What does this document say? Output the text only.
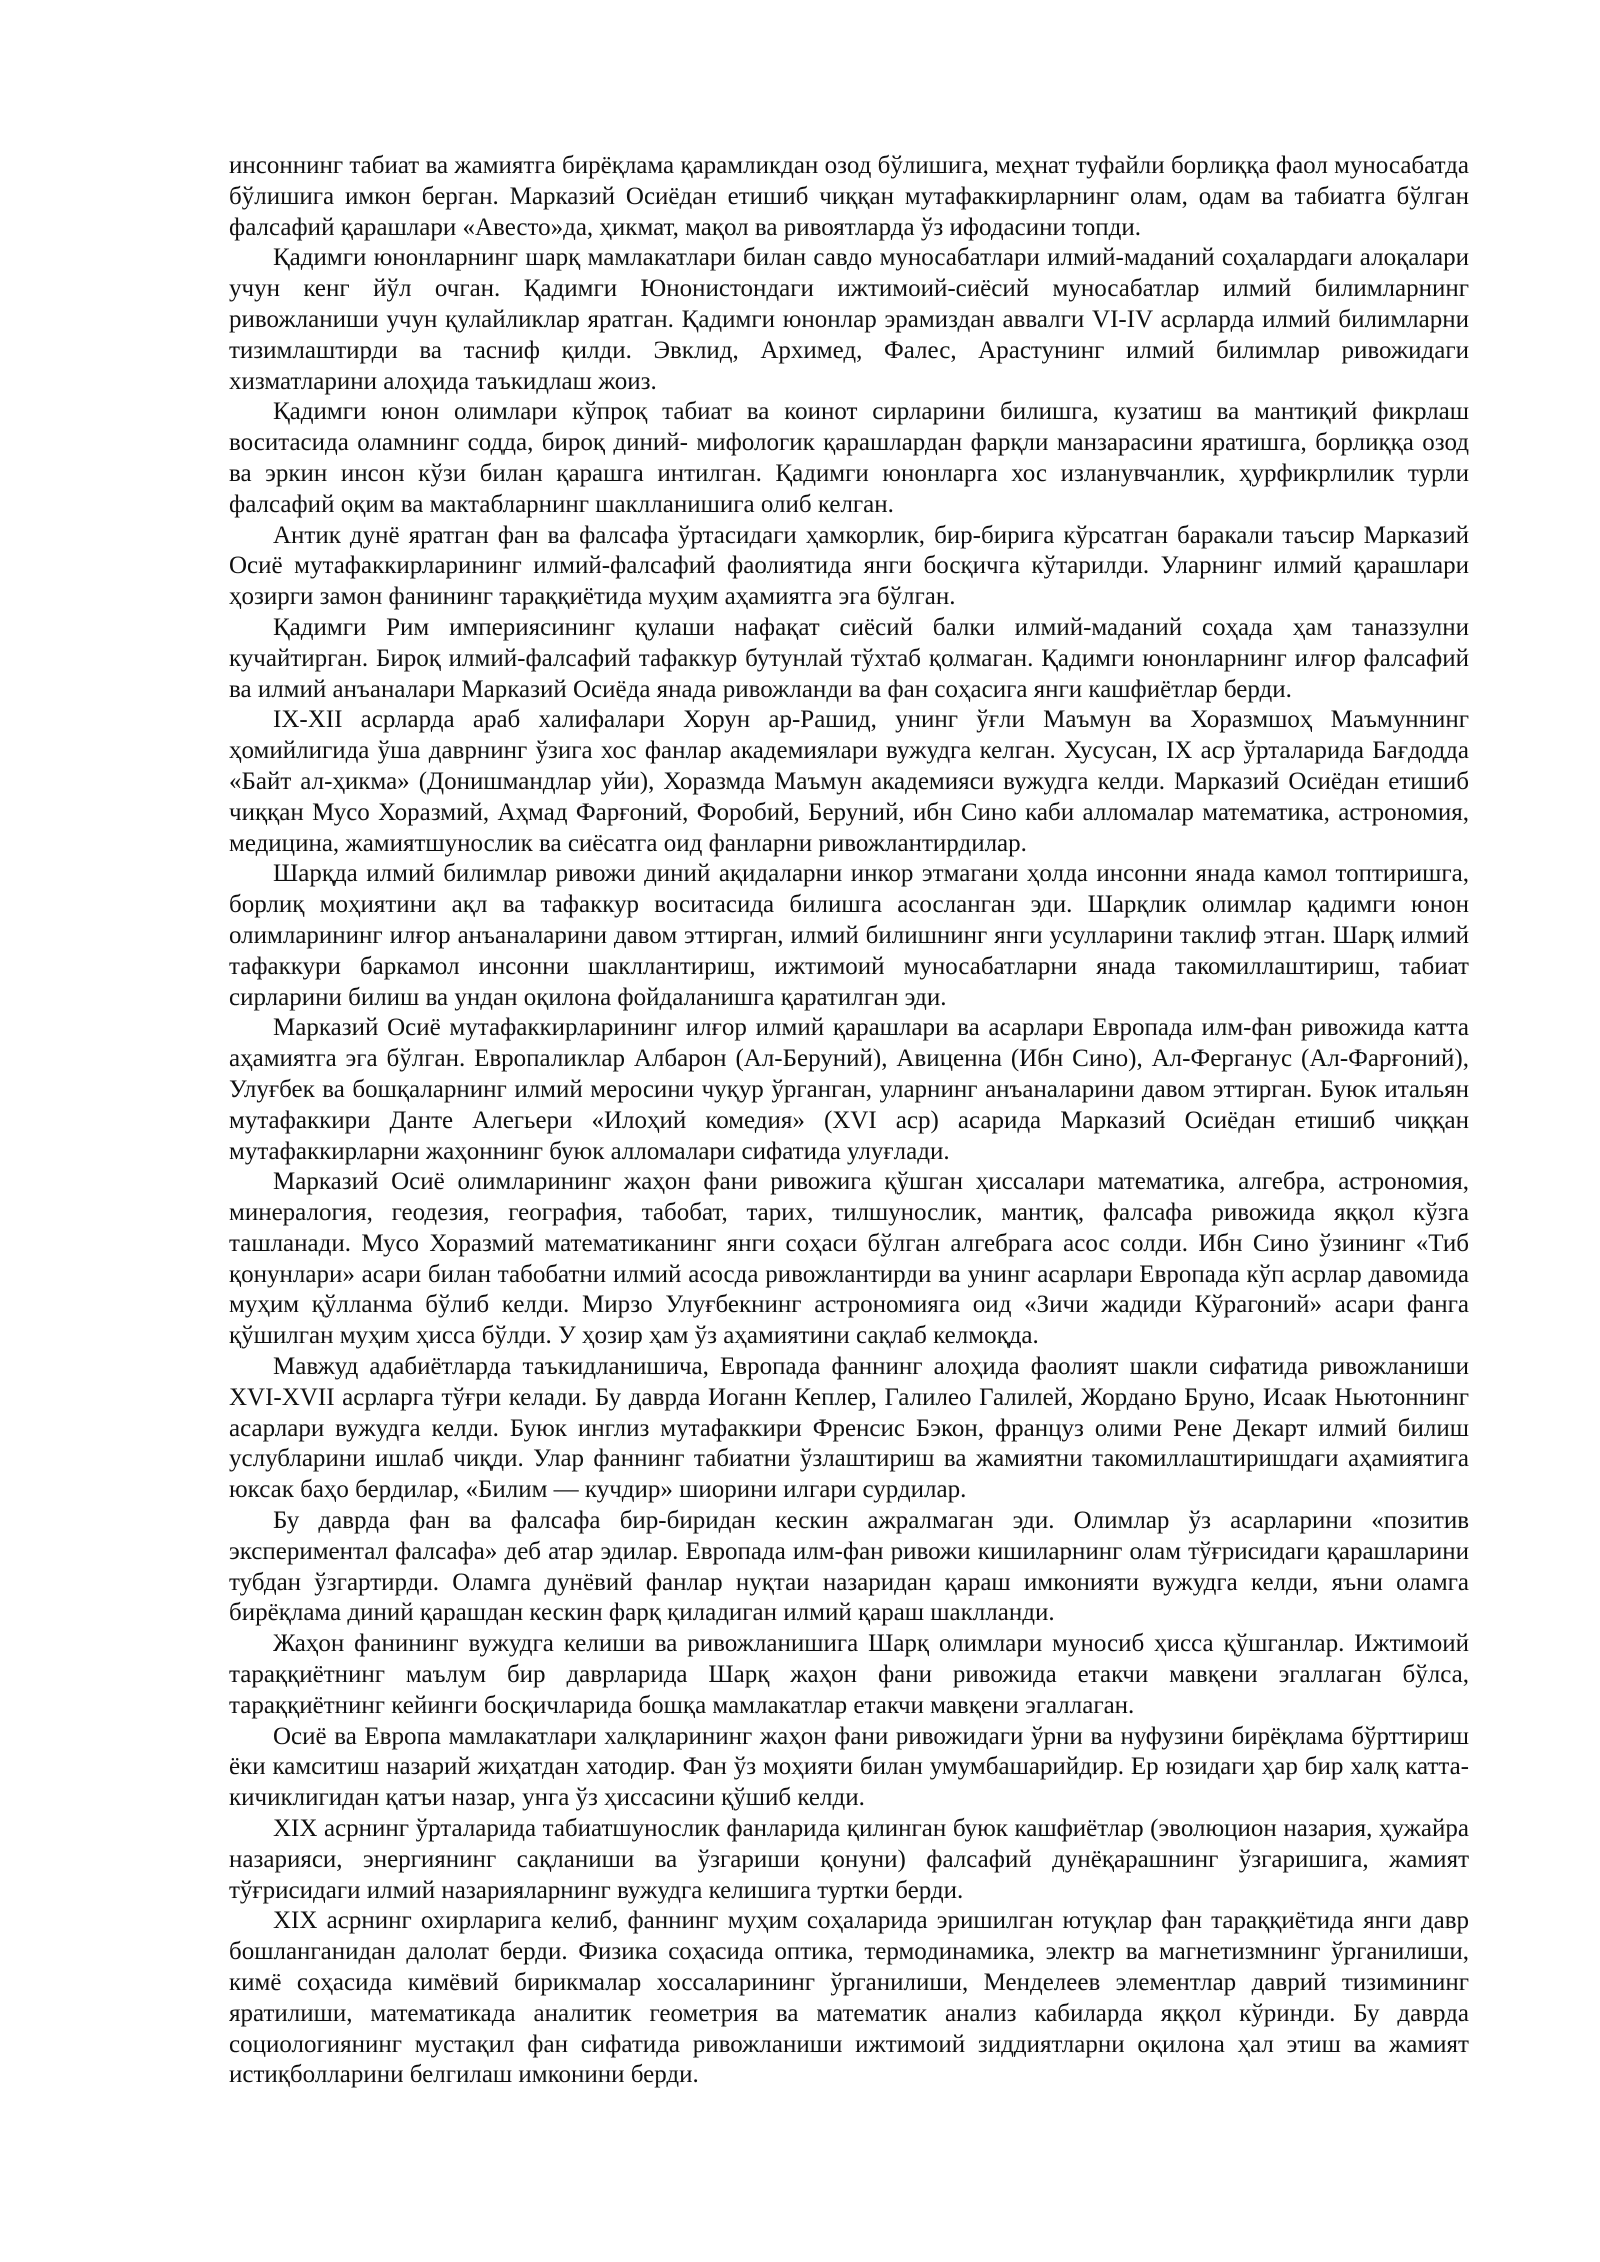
инсоннинг табиат ва жамиятга бирёқлама қарамликдан озод бўлишига, меҳнат туфайли борлиққа фаол муносабатда бўлишига имкон берган. Марказий Осиёдан етишиб чиққан мутафаккирларнинг олам, одам ва табиатга бўлган фалсафий қарашлари «Авесто»да, ҳикмат, мақол ва ривоятларда ўз ифодасини топди.

Қадимги юнонларнинг шарқ мамлакатлари билан савдо муносабатлари илмий-маданий соҳалардаги алоқалари учун кенг йўл очган. Қадимги Юнонистондаги ижтимоий-сиёсий муносабатлар илмий билимларнинг ривожланиши учун қулайликлар яратган. Қадимги юнонлар эрамиздан аввалги VI-IV асрларда илмий билимларни тизимлаштирди ва тасниф қилди. Эвклид, Архимед, Фалес, Арастунинг илмий билимлар ривожидаги хизматларини алоҳида таъкидлаш жоиз.

Қадимги юнон олимлари кўпроқ табиат ва коинот сирларини билишга, кузатиш ва мантиқий фикрлаш воситасида оламнинг содда, бироқ диний- мифологик қарашлардан фарқли манзарасини яратишга, борлиққа озод ва эркин инсон кўзи билан қарашга интилган. Қадимги юнонларга хос изланувчанлик, ҳурфикрлилик турли фалсафий оқим ва мактабларнинг шаклланишига олиб келган.

Антик дунё яратган фан ва фалсафа ўртасидаги ҳамкорлик, бир-бирига кўрсатган баракали таъсир Марказий Осиё мутафаккирларининг илмий-фалсафий фаолиятида янги босқичга кўтарилди. Уларнинг илмий қарашлари ҳозирги замон фанининг тараққиётида муҳим аҳамиятга эга бўлган.

Қадимги Рим империясининг қулаши нафақат сиёсий балки илмий-маданий соҳада ҳам таназзулни кучайтирган. Бироқ илмий-фалсафий тафаккур бутунлай тўхтаб қолмаган. Қадимги юнонларнинг илғор фалсафий ва илмий анъаналари Марказий Осиёда янада ривожланди ва фан соҳасига янги кашфиётлар берди.

IX-XII асрларда араб халифалари Хорун ар-Рашид, унинг ўғли Маъмун ва Хоразмшоҳ Маъмуннинг ҳомийлигида ўша даврнинг ўзига хос фанлар академиялари вужудга келган. Хусусан, IX аср ўрталарида Бағдодда «Байт ал-ҳикма» (Донишмандлар уйи), Хоразмда Маъмун академияси вужудга келди. Марказий Осиёдан етишиб чиққан Мусо Хоразмий, Аҳмад Фарғоний, Форобий, Беруний, ибн Сино каби алломалар математика, астрономия, медицина, жамиятшунослик ва сиёсатга оид фанларни ривожлантирдилар.

Шарқда илмий билимлар ривожи диний ақидаларни инкор этмагани ҳолда инсонни янада камол топтиришга, борлиқ моҳиятини ақл ва тафаккур воситасида билишга асосланган эди. Шарқлик олимлар қадимги юнон олимларининг илғор анъаналарини давом эттирган, илмий билишнинг янги усулларини таклиф этган. Шарқ илмий тафаккури баркамол инсонни шакллантириш, ижтимоий муносабатларни янада такомиллаштириш, табиат сирларини билиш ва ундан оқилона фойдаланишга қаратилган эди.

Марказий Осиё мутафаккирларининг илғор илмий қарашлари ва асарлари Европада илм-фан ривожида катта аҳамиятга эга бўлган. Европаликлар Албарон (Ал-Беруний), Авиценна (Ибн Сино), Ал-Ферганус (Ал-Фарғоний), Улуғбек ва бошқаларнинг илмий меросини чуқур ўрганган, уларнинг анъаналарини давом эттирган. Буюк итальян мутафаккири Данте Алегьери «Илоҳий комедия» (XVI аср) асарида Марказий Осиёдан етишиб чиққан мутафаккирларни жаҳоннинг буюк алломалари сифатида улуғлади.

Марказий Осиё олимларининг жаҳон фани ривожига қўшган ҳиссалари математика, алгебра, астрономия, минералогия, геодезия, география, табобат, тарих, тилшунослик, мантиқ, фалсафа ривожида яққол кўзга ташланади. Мусо Хоразмий математиканинг янги соҳаси бўлган алгебрага асос солди. Ибн Сино ўзининг «Тиб қонунлари» асари билан табобатни илмий асосда ривожлантирди ва унинг асарлари Европада кўп асрлар давомида муҳим қўлланма бўлиб келди. Мирзо Улуғбекнинг астрономияга оид «Зичи жадиди Кўрагоний» асари фанга қўшилган муҳим ҳисса бўлди. У ҳозир ҳам ўз аҳамиятини сақлаб келмоқда.

Мавжуд адабиётларда таъкидланишича, Европада фаннинг алоҳида фаолият шакли сифатида ривожланиши XVI-XVII асрларга тўғри келади. Бу даврда Иоганн Кеплер, Галилео Галилей, Жордано Бруно, Исаак Ньютоннинг асарлари вужудга келди. Буюк инглиз мутафаккири Френсис Бэкон, француз олими Рене Декарт илмий билиш услубларини ишлаб чиқди. Улар фаннинг табиатни ўзлаштириш ва жамиятни такомиллаштиришдаги аҳамиятига юксак баҳо бердилар, «Билим — кучдир» шиорини илгари сурдилар.

Бу даврда фан ва фалсафа бир-биридан кескин ажралмаган эди. Олимлар ўз асарларини «позитив экспериментал фалсафа» деб атар эдилар. Европада илм-фан ривожи кишиларнинг олам тўғрисидаги қарашларини тубдан ўзгартирди. Оламга дунёвий фанлар нуқтаи назаридан қараш имконияти вужудга келди, яъни оламга бирёқлама диний қарашдан кескин фарқ қиладиган илмий қараш шаклланди.

Жаҳон фанининг вужудга келиши ва ривожланишига Шарқ олимлари муносиб ҳисса қўшганлар. Ижтимоий тараққиётнинг маълум бир даврларида Шарқ жаҳон фани ривожида етакчи мавқени эгаллаган бўлса, тараққиётнинг кейинги босқичларида бошқа мамлакатлар етакчи мавқени эгаллаган.

Осиё ва Европа мамлакатлари халқларининг жаҳон фани ривожидаги ўрни ва нуфузини бирёқлама бўрттириш ёки камситиш назарий жиҳатдан хатодир. Фан ўз моҳияти билан умумбашарийдир. Ер юзидаги ҳар бир халқ катта-кичиклигидан қатъи назар, унга ўз ҳиссасини қўшиб келди.

XIX асрнинг ўрталарида табиатшунослик фанларида қилинган буюк кашфиётлар (эволюцион назария, ҳужайра назарияси, энергиянинг сақланиши ва ўзгариши қонуни) фалсафий дунёқарашнинг ўзгаришига, жамият тўғрисидаги илмий назарияларнинг вужудга келишига туртки берди.

XIX асрнинг охирларига келиб, фаннинг муҳим соҳаларида эришилган ютуқлар фан тараққиётида янги давр бошланганидан далолат берди. Физика соҳасида оптика, термодинамика, электр ва магнетизмнинг ўрганилиши, кимё соҳасида кимёвий бирикмалар хоссаларининг ўрганилиши, Менделеев элементлар даврий тизимининг яратилиши, математикада аналитик геометрия ва математик анализ кабиларда яққол кўринди. Бу даврда социологиянинг мустақил фан сифатида ривожланиши ижтимоий зиддиятларни оқилона ҳал этиш ва жамият истиқболларини белгилаш имконини берди.
